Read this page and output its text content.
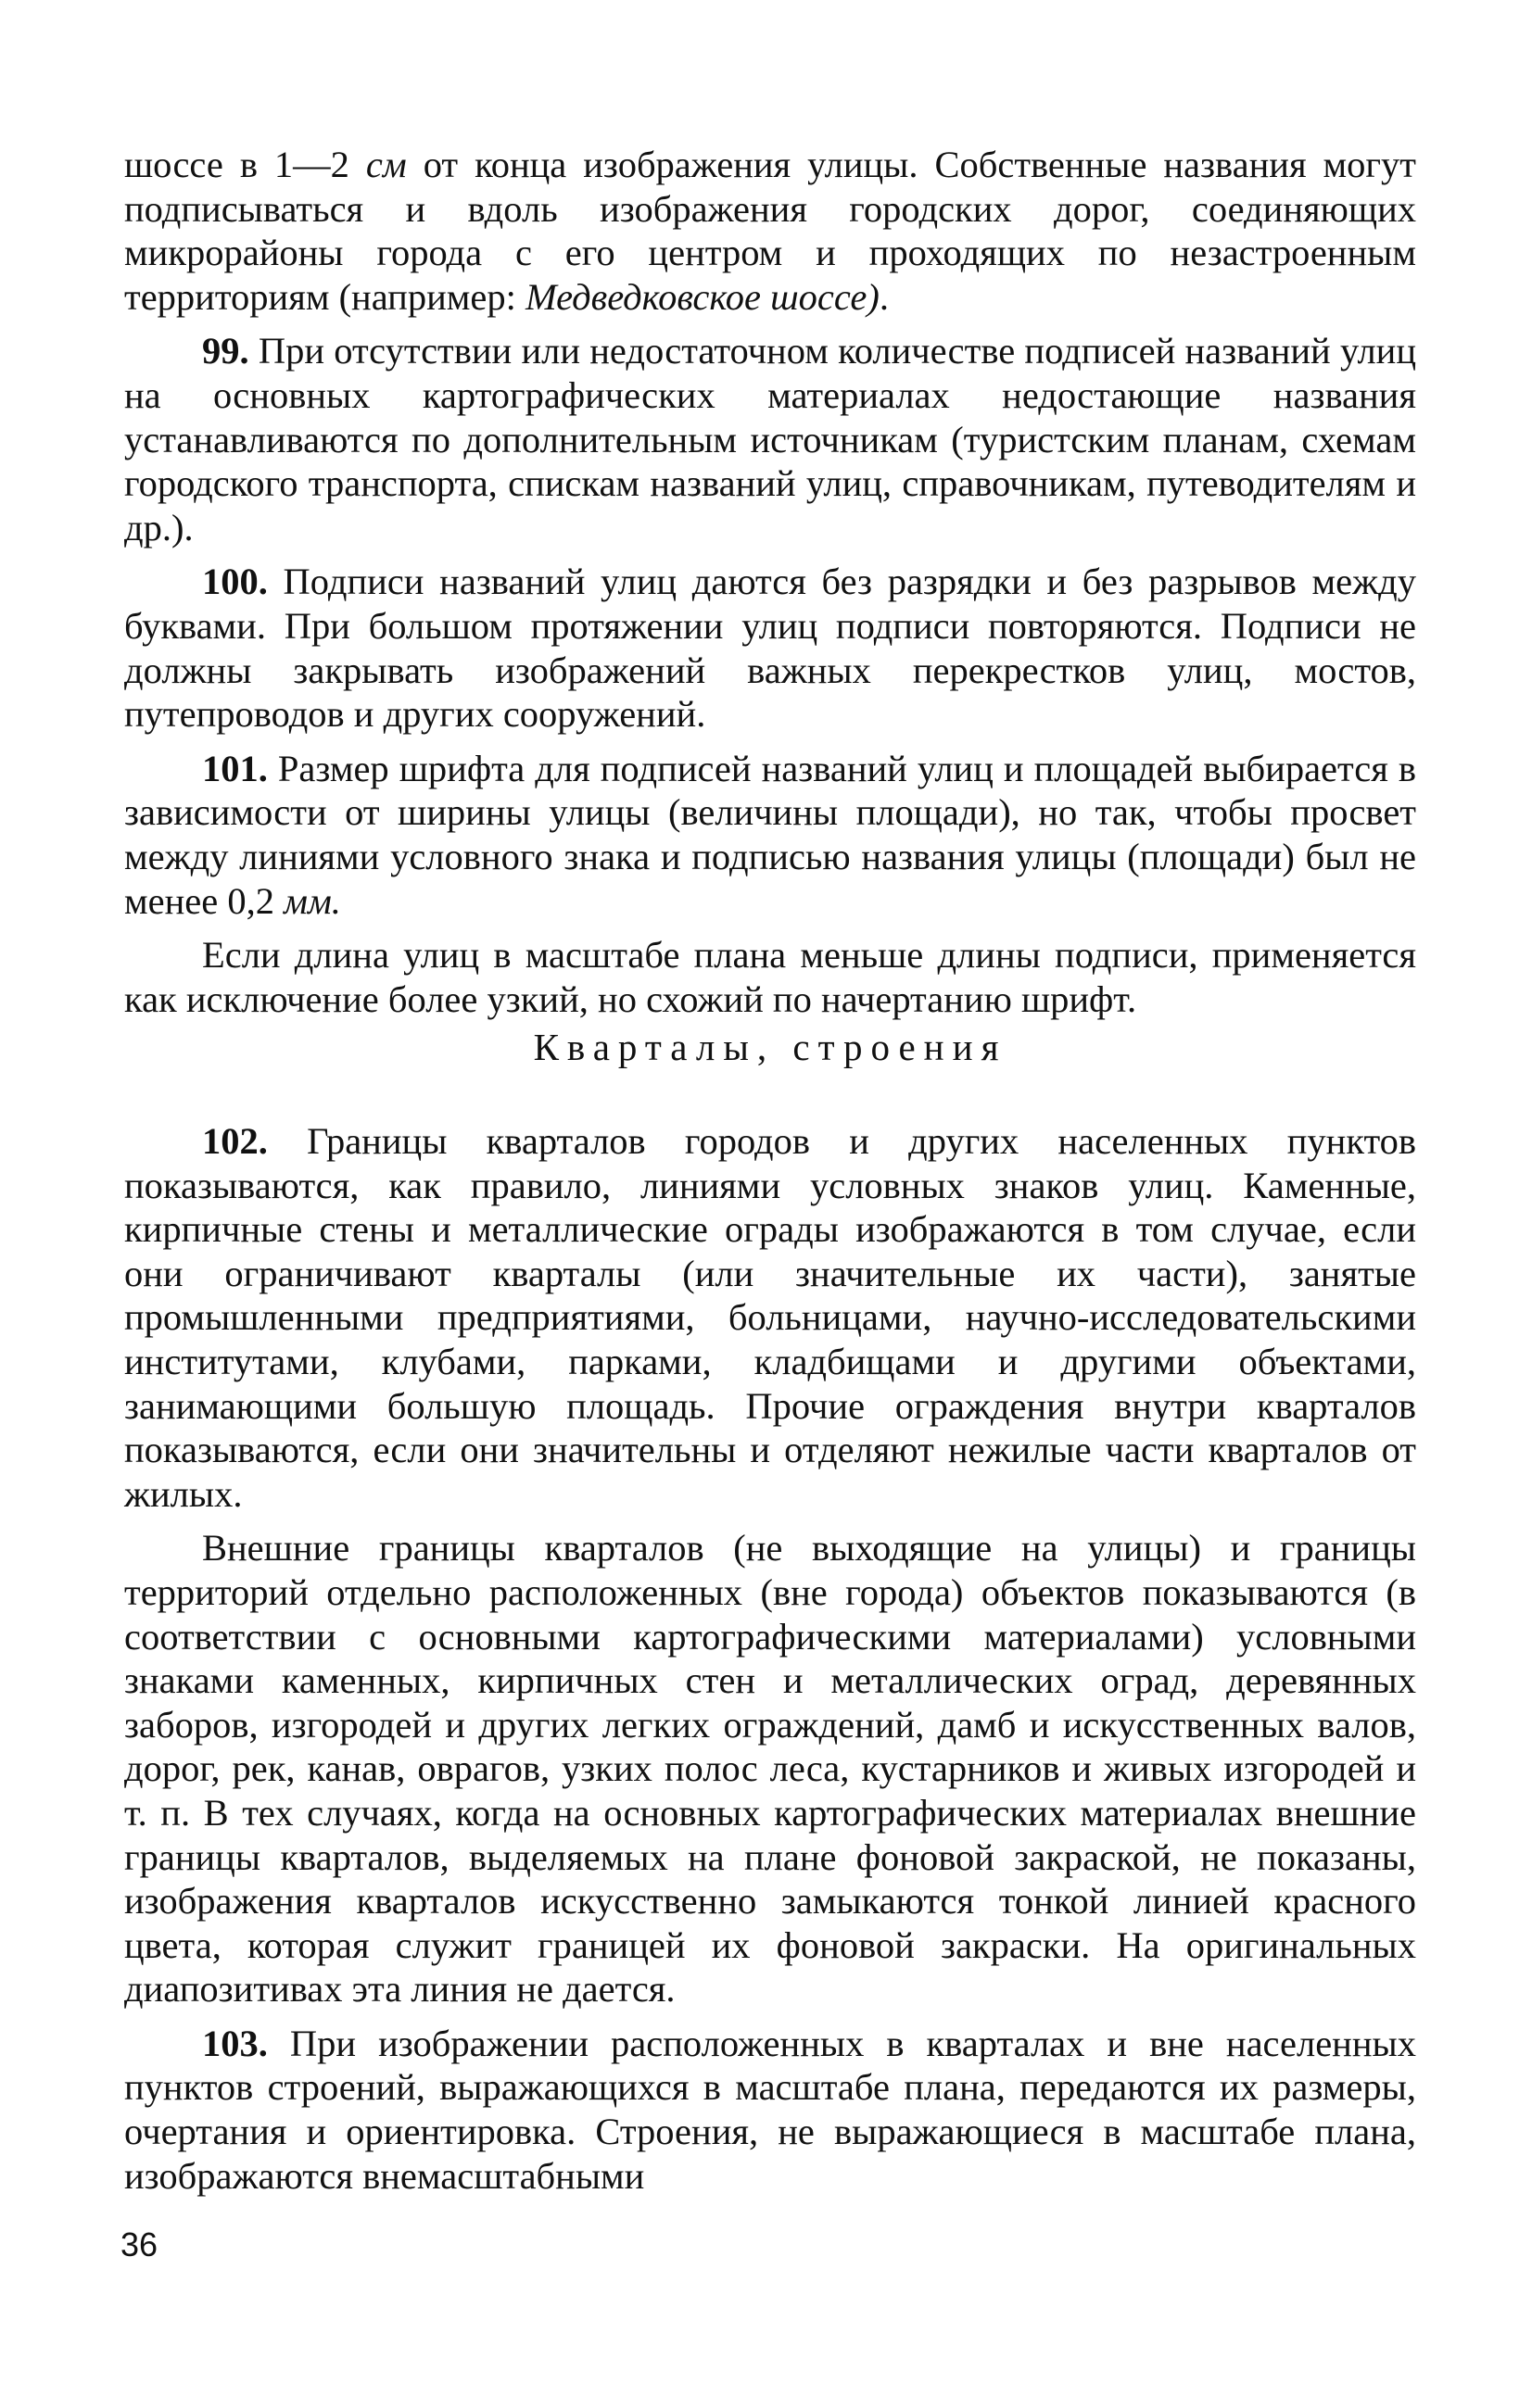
шоссе в 1—2 см от конца изображения улицы. Собственные названия могут подписываться и вдоль изображения городских дорог, соединяющих микрорайоны города с его центром и проходящих по незастроенным территориям (например: Медведковское шоссе).

99. При отсутствии или недостаточном количестве подписей названий улиц на основных картографических материалах недостающие названия устанавливаются по дополнительным источникам (туристским планам, схемам городского транспорта, спискам названий улиц, справочникам, путеводителям и др.).

100. Подписи названий улиц даются без разрядки и без разрывов между буквами. При большом протяжении улиц подписи повторяются. Подписи не должны закрывать изображений важных перекрестков улиц, мостов, путепроводов и других сооружений.

101. Размер шрифта для подписей названий улиц и площадей выбирается в зависимости от ширины улицы (величины площади), но так, чтобы просвет между линиями условного знака и подписью названия улицы (площади) был не менее 0,2 мм.

Если длина улиц в масштабе плана меньше длины подписи, применяется как исключение более узкий, но схожий по начертанию шрифт.

Кварталы, строения

102. Границы кварталов городов и других населенных пунктов показываются, как правило, линиями условных знаков улиц. Каменные, кирпичные стены и металлические ограды изображаются в том случае, если они ограничивают кварталы (или значительные их части), занятые промышленными предприятиями, больницами, научно-исследовательскими институтами, клубами, парками, кладбищами и другими объектами, занимающими большую площадь. Прочие ограждения внутри кварталов показываются, если они значительны и отделяют нежилые части кварталов от жилых.

Внешние границы кварталов (не выходящие на улицы) и границы территорий отдельно расположенных (вне города) объектов показываются (в соответствии с основными картографическими материалами) условными знаками каменных, кирпичных стен и металлических оград, деревянных заборов, изгородей и других легких ограждений, дамб и искусственных валов, дорог, рек, канав, оврагов, узких полос леса, кустарников и живых изгородей и т. п. В тех случаях, когда на основных картографических материалах внешние границы кварталов, выделяемых на плане фоновой закраской, не показаны, изображения кварталов искусственно замыкаются тонкой линией красного цвета, которая служит границей их фоновой закраски. На оригинальных диапозитивах эта линия не дается.

103. При изображении расположенных в кварталах и вне населенных пунктов строений, выражающихся в масштабе плана, передаются их размеры, очертания и ориентировка. Строения, не выражающиеся в масштабе плана, изображаются внемасштабными

36
